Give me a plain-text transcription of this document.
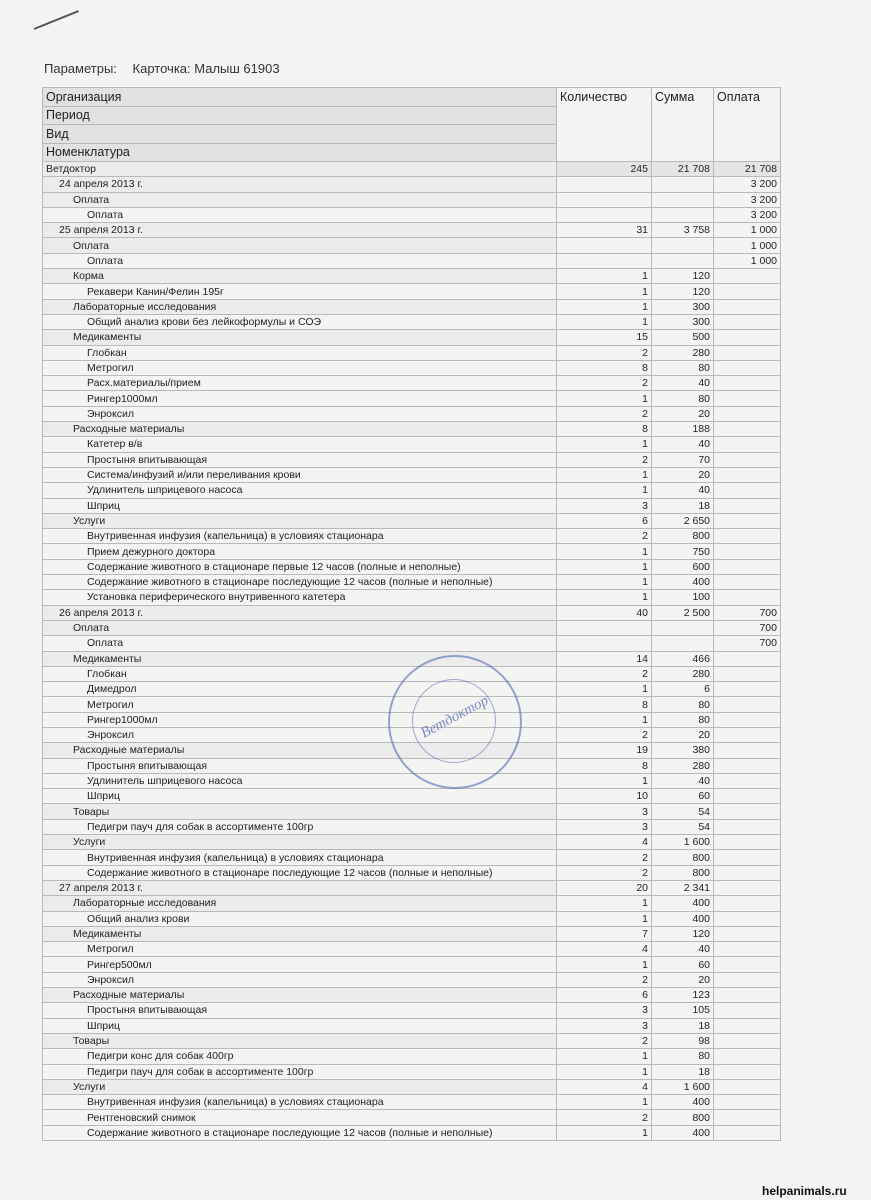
Параметры: Карточка: Малыш 61903
Организация	Количество	Сумма	Оплата
Период			
Вид			
Номенклатура			
Ветдоктор	245	21 708	21 708
24 апреля 2013 г.			3 200
Оплата			3 200
Оплата			3 200
25 апреля 2013 г.	31	3 758	1 000
Оплата			1 000
Оплата			1 000
Корма	1	120	
Рекавери Канин/Фелин 195г	1	120	
Лабораторные исследования	1	300	
Общий анализ крови без лейкоформулы и СОЭ	1	300	
Медикаменты	15	500	
Глобкан	2	280	
Метрогил	8	80	
Расх.материалы/прием	2	40	
Рингер1000мл	1	80	
Энроксил	2	20	
Расходные материалы	8	188	
Катетер в/в	1	40	
Простыня впитывающая	2	70	
Система/инфузий и/или переливания крови	1	20	
Удлинитель шприцевого насоса	1	40	
Шприц	3	18	
Услуги	6	2 650	
Внутривенная инфузия (капельница) в условиях стационара	2	800	
Прием дежурного доктора	1	750	
Содержание животного в стационаре первые 12 часов (полные и неполные)	1	600	
Содержание животного в стационаре последующие 12 часов (полные и неполные)	1	400	
Установка периферического внутривенного катетера	1	100	
26 апреля 2013 г.	40	2 500	700
Оплата			700
Оплата			700
Медикаменты	14	466	
Глобкан	2	280	
Димедрол	1	6	
Метрогил	8	80	
Рингер1000мл	1	80	
Энроксил	2	20	
Расходные материалы	19	380	
Простыня впитывающая	8	280	
Удлинитель шприцевого насоса	1	40	
Шприц	10	60	
Товары	3	54	
Педигри пауч для собак в ассортименте 100гр	3	54	
Услуги	4	1 600	
Внутривенная инфузия (капельница) в условиях стационара	2	800	
Содержание животного в стационаре последующие 12 часов (полные и неполные)	2	800	
27 апреля 2013 г.	20	2 341	
Лабораторные исследования	1	400	
Общий анализ крови	1	400	
Медикаменты	7	120	
Метрогил	4	40	
Рингер500мл	1	60	
Энроксил	2	20	
Расходные материалы	6	123	
Простыня впитывающая	3	105	
Шприц	3	18	
Товары	2	98	
Педигри конс для собак 400гр	1	80	
Педигри пауч для собак в ассортименте 100гр	1	18	
Услуги	4	1 600	
Внутривенная инфузия (капельница) в условиях стационара	1	400	
Рентгеновский снимок	2	800	
Содержание животного в стационаре последующие 12 часов (полные и неполные)	1	400	
Ветдоктор
helpanimals.ru
